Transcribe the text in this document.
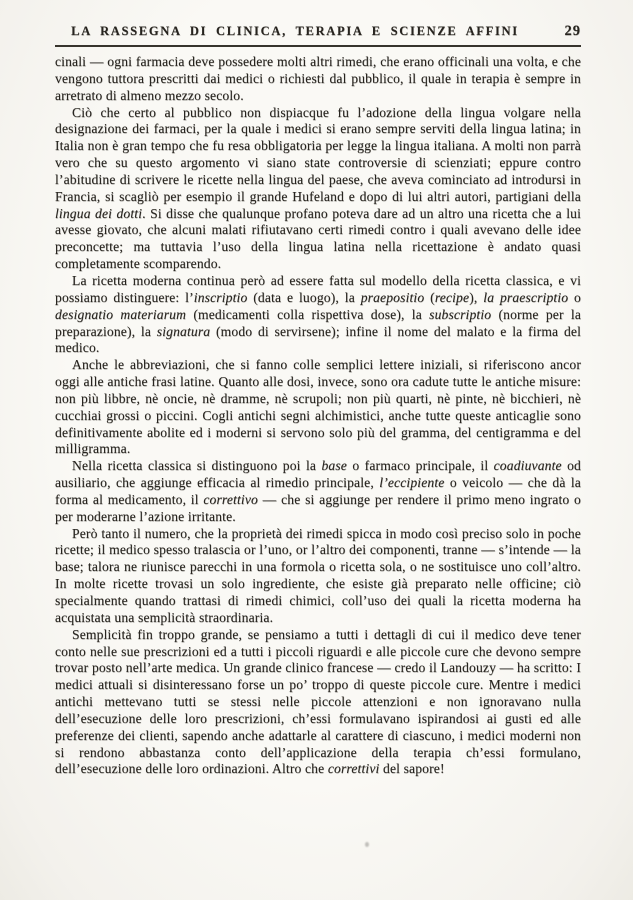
LA RASSEGNA DI CLINICA, TERAPIA E SCIENZE AFFINI	29

cinali — ogni farmacia deve possedere molti altri rimedi, che erano officinali una volta, e che vengono tuttora prescritti dai medici o richiesti dal pubblico, il quale in terapia è sempre in arretrato di almeno mezzo secolo.

Ciò che certo al pubblico non dispiacque fu l’adozione della lingua volgare nella designazione dei farmaci, per la quale i medici si erano sempre serviti della lingua latina; in Italia non è gran tempo che fu resa obbligatoria per legge la lingua italiana. A molti non parrà vero che su questo argomento vi siano state controversie di scienziati; eppure contro l’abitudine di scrivere le ricette nella lingua del paese, che aveva cominciato ad introdursi in Francia, si scagliò per esempio il grande Hufeland e dopo di lui altri autori, partigiani della lingua dei dotti. Si disse che qualunque profano poteva dare ad un altro una ricetta che a lui avesse giovato, che alcuni malati rifiutavano certi rimedi contro i quali avevano delle idee preconcette; ma tuttavia l’uso della lingua latina nella ricettazione è andato quasi completamente scomparendo.

La ricetta moderna continua però ad essere fatta sul modello della ricetta classica, e vi possiamo distinguere: l’inscriptio (data e luogo), la praepositio (recipe), la praescriptio o designatio materiarum (medicamenti colla rispettiva dose), la subscriptio (norme per la preparazione), la signatura (modo di servirsene); infine il nome del malato e la firma del medico.

Anche le abbreviazioni, che si fanno colle semplici lettere iniziali, si riferiscono ancor oggi alle antiche frasi latine. Quanto alle dosi, invece, sono ora cadute tutte le antiche misure: non più libbre, nè oncie, nè dramme, nè scrupoli; non più quarti, nè pinte, nè bicchieri, nè cucchiai grossi o piccini. Cogli antichi segni alchimistici, anche tutte queste anticaglie sono definitivamente abolite ed i moderni si servono solo più del gramma, del centigramma e del milligramma.

Nella ricetta classica si distinguono poi la base o farmaco principale, il coadiuvante od ausiliario, che aggiunge efficacia al rimedio principale, l’eccipiente o veicolo — che dà la forma al medicamento, il correttivo — che si aggiunge per rendere il primo meno ingrato o per moderarne l’azione irritante.

Però tanto il numero, che la proprietà dei rimedi spicca in modo così preciso solo in poche ricette; il medico spesso tralascia or l’uno, or l’altro dei componenti, tranne — s’intende — la base; talora ne riunisce parecchi in una formola o ricetta sola, o ne sostituisce uno coll’altro. In molte ricette trovasi un solo ingrediente, che esiste già preparato nelle officine; ciò specialmente quando trattasi di rimedi chimici, coll’uso dei quali la ricetta moderna ha acquistata una semplicità straordinaria.

Semplicità fin troppo grande, se pensiamo a tutti i dettagli di cui il medico deve tener conto nelle sue prescrizioni ed a tutti i piccoli riguardi e alle piccole cure che devono sempre trovar posto nell’arte medica. Un grande clinico francese — credo il Landouzy — ha scritto: I medici attuali si disinteressano forse un po’ troppo di queste piccole cure. Mentre i medici antichi mettevano tutti se stessi nelle piccole attenzioni e non ignoravano nulla dell’esecuzione delle loro prescrizioni, ch’essi formulavano ispirandosi ai gusti ed alle preferenze dei clienti, sapendo anche adattarle al carattere di ciascuno, i medici moderni non si rendono abbastanza conto dell’applicazione della terapia ch’essi formulano, dell’esecuzione delle loro ordinazioni. Altro che correttivi del sapore!
